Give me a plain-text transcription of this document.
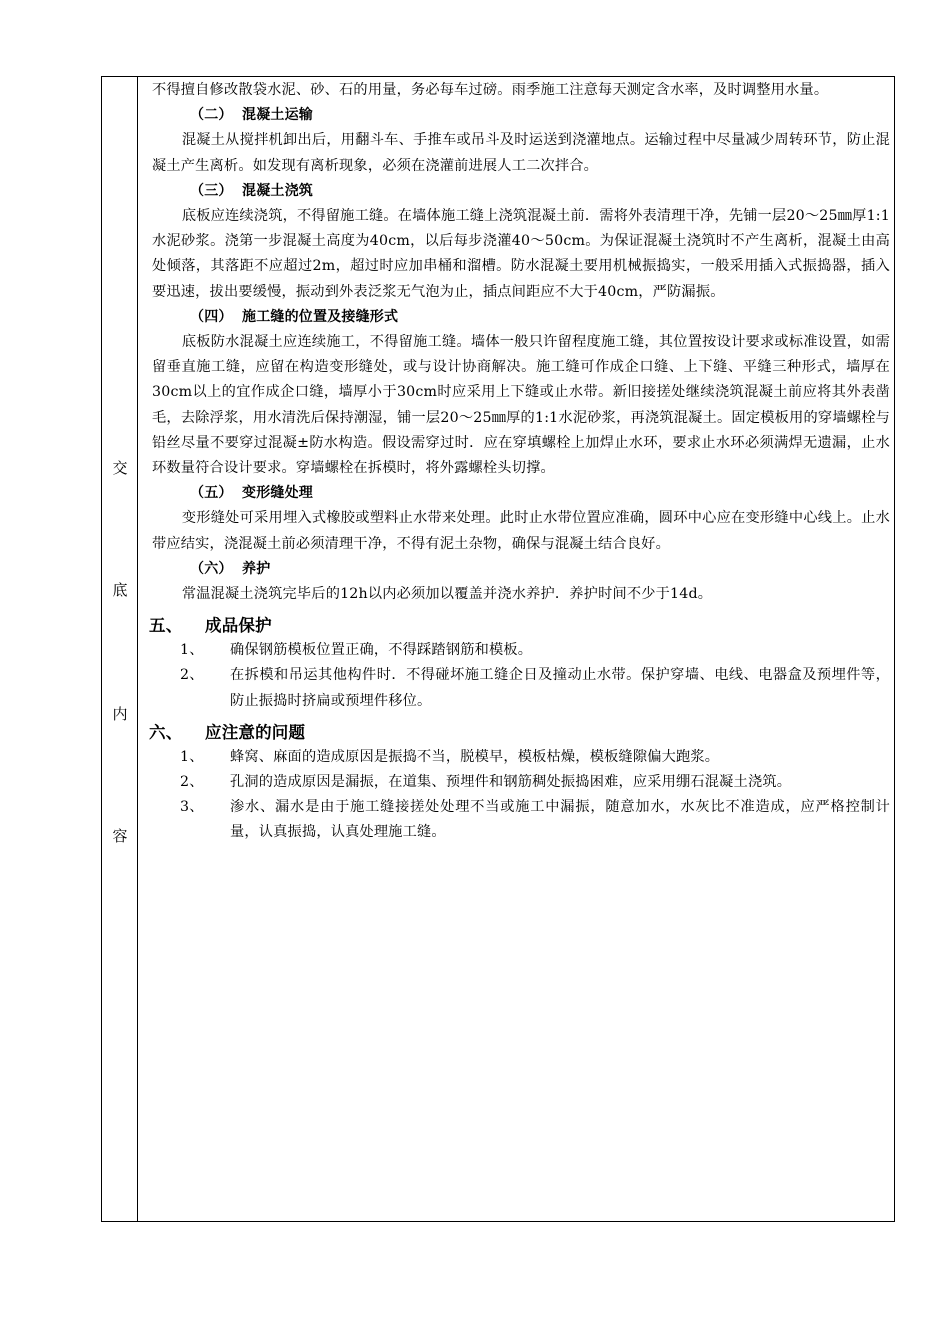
交
底
内
容

不得擅自修改散袋水泥、砂、石的用量，务必每车过磅。雨季施工注意每天测定含水率，及时调整用水量。

（二） 混凝土运输

混凝土从搅拌机卸出后，用翻斗车、手推车或吊斗及时运送到浇灌地点。运输过程中尽量减少周转环节，防止混凝土产生离析。如发现有离析现象，必须在浇灌前进展人工二次拌合。

（三） 混凝土浇筑

底板应连续浇筑，不得留施工缝。在墙体施工缝上浇筑混凝土前．需将外表清理干净，先铺一层20～25㎜厚1:1水泥砂浆。浇第一步混凝土高度为40cm，以后每步浇灌40～50cm。为保证混凝土浇筑时不产生离析，混凝土由高处倾落，其落距不应超过2m，超过时应加串桶和溜槽。防水混凝土要用机械振捣实，一般采用插入式振捣器，插入要迅速，拔出要缓慢，振动到外表泛浆无气泡为止，插点间距应不大于40cm，严防漏振。

（四） 施工缝的位置及接缝形式

底板防水混凝土应连续施工，不得留施工缝。墙体一般只许留程度施工缝，其位置按设计要求或标准设置，如需留垂直施工缝，应留在构造变形缝处，或与设计协商解决。施工缝可作成企口缝、上下缝、平缝三种形式，墙厚在30cm以上的宜作成企口缝，墙厚小于30cm时应采用上下缝或止水带。新旧接搓处继续浇筑混凝土前应将其外表凿毛，去除浮浆，用水清洗后保持潮湿，铺一层20～25㎜厚的1:1水泥砂浆，再浇筑混凝土。固定模板用的穿墙螺栓与铅丝尽量不要穿过混凝±防水构造。假设需穿过时．应在穿填螺栓上加焊止水环，要求止水环必须满焊无遗漏，止水环数量符合设计要求。穿墙螺栓在拆模时，将外露螺栓头切撑。

（五） 变形缝处理

变形缝处可采用埋入式橡胶或塑料止水带来处理。此时止水带位置应准确，圆环中心应在变形缝中心线上。止水带应结实，浇混凝土前必须清理干净，不得有泥土杂物，确保与混凝土结合良好。

（六） 养护

常温混凝土浇筑完毕后的12h以内必须加以覆盖并浇水养护．养护时间不少于14d。

五、 成品保护

1、 确保钢筋模板位置正确，不得踩踏钢筋和模板。

2、 在拆模和吊运其他构件时．不得碰坏施工缝企日及撞动止水带。保护穿墙、电线、电器盒及预埋件等，防止振捣时挤扁或预埋件移位。

六、 应注意的问题

1、 蜂窝、麻面的造成原因是振捣不当，脱模早，模板枯燥，模板缝隙偏大跑浆。

2、 孔洞的造成原因是漏振，在道集、预埋件和钢筋稠处振捣困难，应采用绷石混凝土浇筑。

3、 渗水、漏水是由于施工缝接搓处处理不当或施工中漏振，随意加水，水灰比不准造成，应严格控制计量，认真振捣，认真处理施工缝。
